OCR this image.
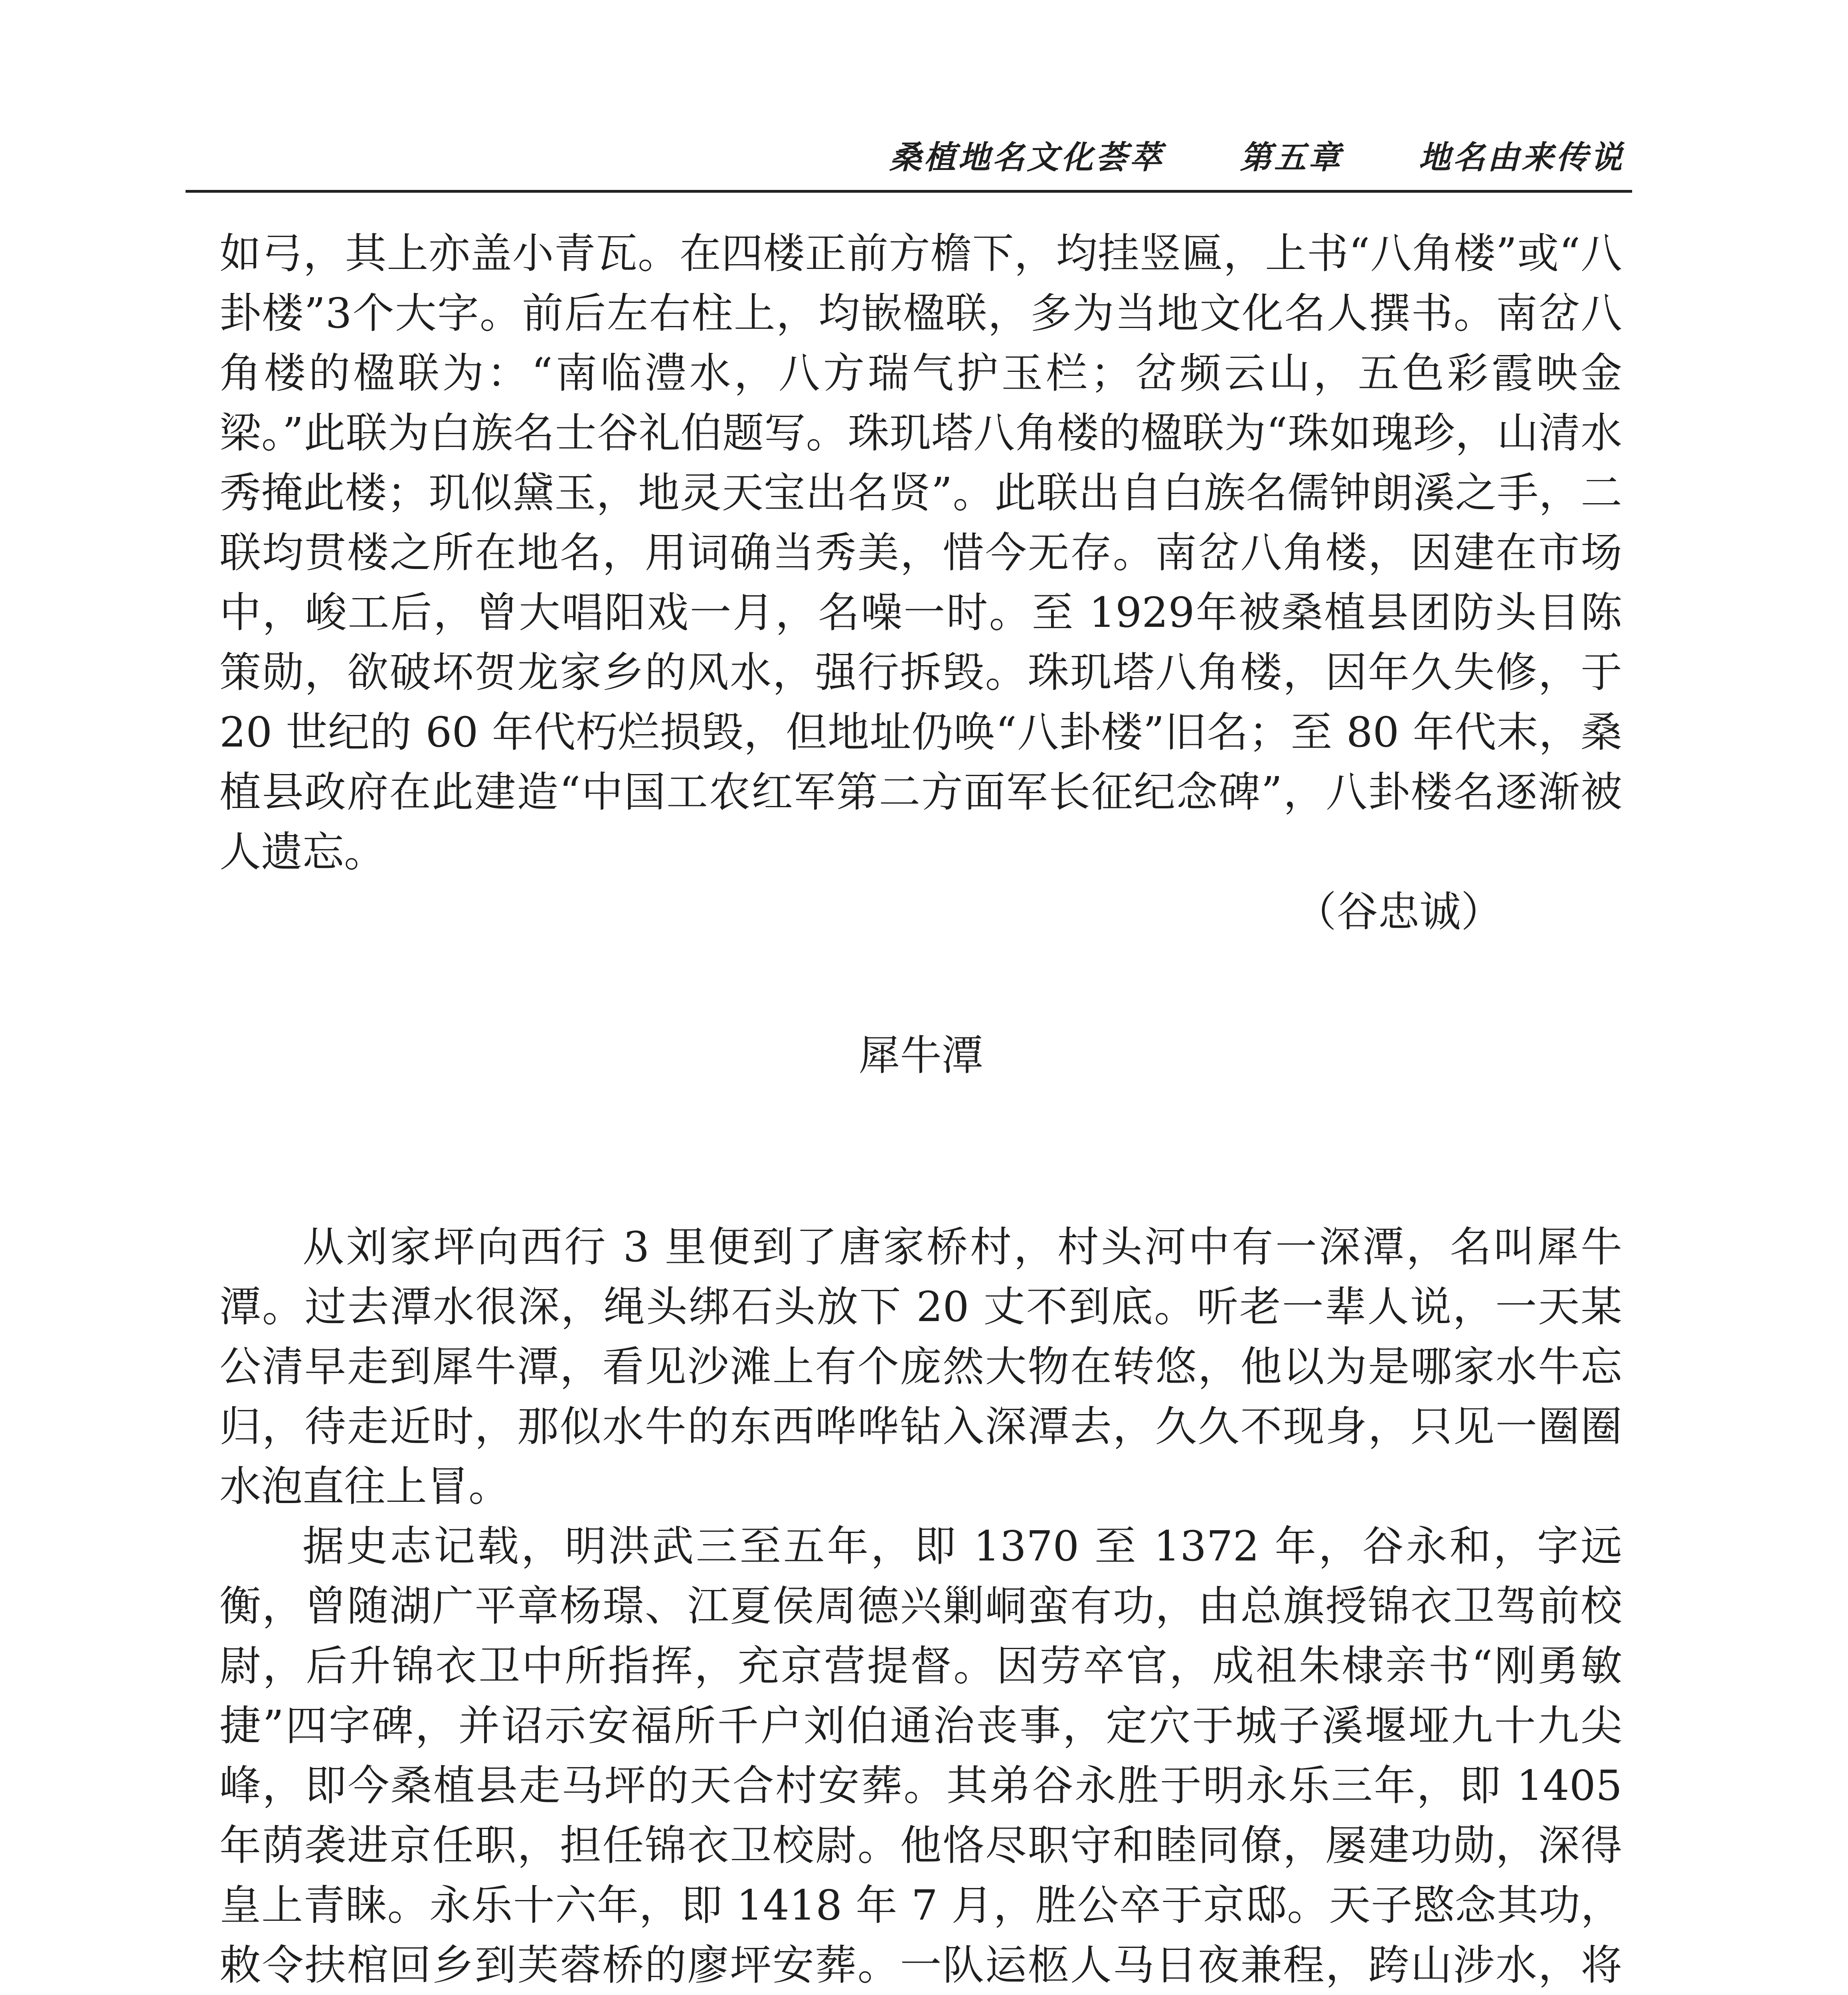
桑植地名文化荟萃 第五章 地名由来传说

如弓，其上亦盖小青瓦。在四楼正前方檐下，均挂竖匾，上书“八角楼”或“八卦楼”3个大字。前后左右柱上，均嵌楹联，多为当地文化名人撰书。南岔八角楼的楹联为：“南临澧水，八方瑞气护玉栏；岔频云山，五色彩霞映金梁。”此联为白族名士谷礼伯题写。珠玑塔八角楼的楹联为“珠如瑰珍，山清水秀掩此楼；玑似黛玉，地灵天宝出名贤”。此联出自白族名儒钟朗溪之手，二联均贯楼之所在地名，用词确当秀美，惜今无存。南岔八角楼，因建在市场中，峻工后，曾大唱阳戏一月，名噪一时。至 1929年被桑植县团防头目陈策勋，欲破坏贺龙家乡的风水，强行拆毁。珠玑塔八角楼，因年久失修，于 20 世纪的 60 年代朽烂损毁，但地址仍唤“八卦楼”旧名；至 80 年代末，桑植县政府在此建造“中国工农红军第二方面军长征纪念碑”，八卦楼名逐渐被人遗忘。

（谷忠诚）

犀牛潭

从刘家坪向西行 3 里便到了唐家桥村，村头河中有一深潭，名叫犀牛潭。过去潭水很深，绳头绑石头放下 20 丈不到底。听老一辈人说，一天某公清早走到犀牛潭，看见沙滩上有个庞然大物在转悠，他以为是哪家水牛忘归，待走近时，那似水牛的东西哗哗钻入深潭去，久久不现身，只见一圈圈水泡直往上冒。

据史志记载，明洪武三至五年，即 1370 至 1372 年，谷永和，字远衡，曾随湖广平章杨璟、江夏侯周德兴剿峒蛮有功，由总旗授锦衣卫驾前校尉，后升锦衣卫中所指挥，充京营提督。因劳卒官，成祖朱棣亲书“刚勇敏捷”四字碑，并诏示安福所千户刘伯通治丧事，定穴于城子溪堰垭九十九尖峰，即今桑植县走马坪的天合村安葬。其弟谷永胜于明永乐三年，即 1405 年荫袭进京任职，担任锦衣卫校尉。他恪尽职守和睦同僚，屡建功勋，深得皇上青睐。永乐十六年，即 1418 年 7 月，胜公卒于京邸。天子愍念其功，敕令扶棺回乡到芙蓉桥的廖坪安葬。一队运柩人马日夜兼程，跨山涉水，将
